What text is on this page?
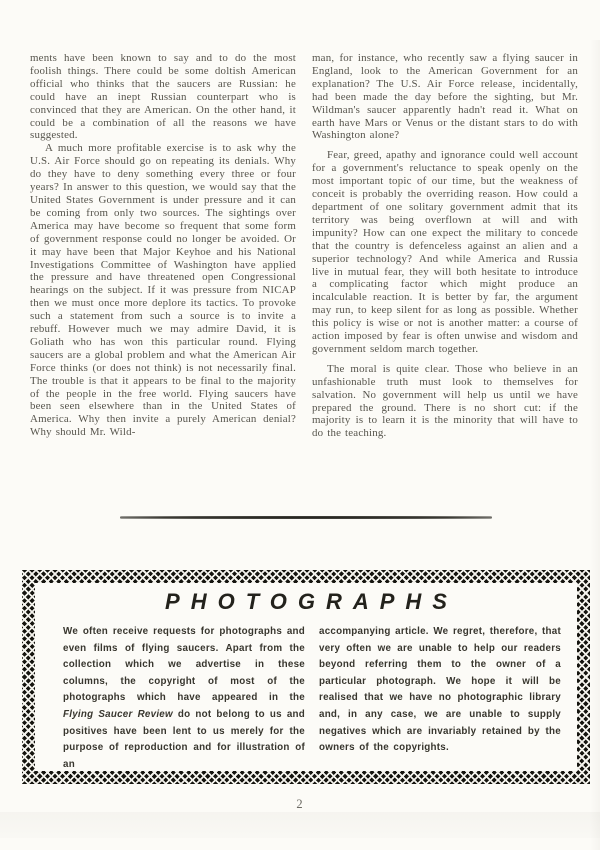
ments have been known to say and to do the most foolish things. There could be some doltish American official who thinks that the saucers are Russian: he could have an inept Russian counterpart who is convinced that they are American. On the other hand, it could be a combination of all the reasons we have suggested.

A much more profitable exercise is to ask why the U.S. Air Force should go on repeating its denials. Why do they have to deny something every three or four years? In answer to this question, we would say that the United States Government is under pressure and it can be coming from only two sources. The sightings over America may have become so frequent that some form of government response could no longer be avoided. Or it may have been that Major Keyhoe and his National Investigations Committee of Washington have applied the pressure and have threatened open Congressional hearings on the subject. If it was pressure from NICAP then we must once more deplore its tactics. To provoke such a statement from such a source is to invite a rebuff. However much we may admire David, it is Goliath who has won this particular round. Flying saucers are a global problem and what the American Air Force thinks (or does not think) is not necessarily final. The trouble is that it appears to be final to the majority of the people in the free world. Flying saucers have been seen elsewhere than in the United States of America. Why then invite a purely American denial? Why should Mr. Wild-

man, for instance, who recently saw a flying saucer in England, look to the American Government for an explanation? The U.S. Air Force release, incidentally, had been made the day before the sighting, but Mr. Wildman's saucer apparently hadn't read it. What on earth have Mars or Venus or the distant stars to do with Washington alone?

Fear, greed, apathy and ignorance could well account for a government's reluctance to speak openly on the most important topic of our time, but the weakness of conceit is probably the overriding reason. How could a department of one solitary government admit that its territory was being overflown at will and with impunity? How can one expect the military to concede that the country is defenceless against an alien and a superior technology? And while America and Russia live in mutual fear, they will both hesitate to introduce a complicating factor which might produce an incalculable reaction. It is better by far, the argument may run, to keep silent for as long as possible. Whether this policy is wise or not is another matter: a course of action imposed by fear is often unwise and wisdom and government seldom march together.

The moral is quite clear. Those who believe in an unfashionable truth must look to themselves for salvation. No government will help us until we have prepared the ground. There is no short cut: if the majority is to learn it is the minority that will have to do the teaching.

PHOTOGRAPHS

We often receive requests for photographs and even films of flying saucers. Apart from the collection which we advertise in these columns, the copyright of most of the photographs which have appeared in the Flying Saucer Review do not belong to us and positives have been lent to us merely for the purpose of reproduction and for illustration of an

accompanying article. We regret, therefore, that very often we are unable to help our readers beyond referring them to the owner of a particular photograph. We hope it will be realised that we have no photographic library and, in any case, we are unable to supply negatives which are invariably retained by the owners of the copyrights.

2
